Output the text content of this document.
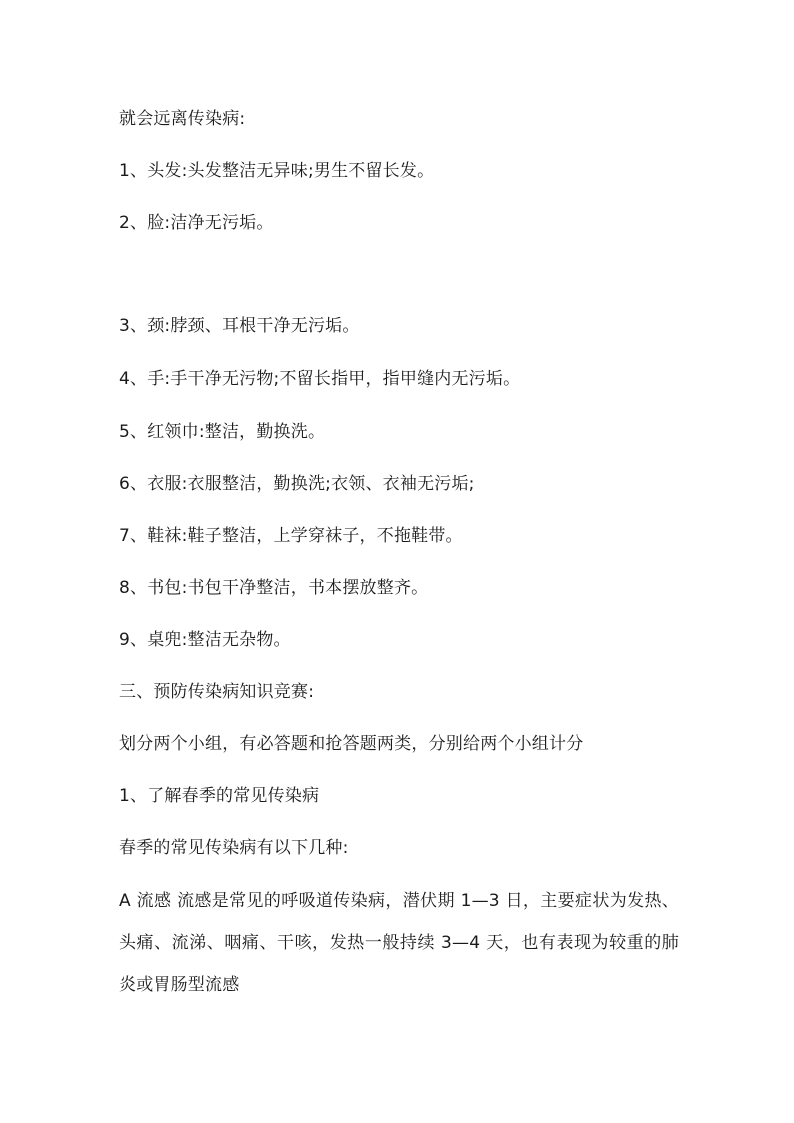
就会远离传染病:
1、头发:头发整洁无异味;男生不留长发。
2、脸:洁净无污垢。
3、颈:脖颈、耳根干净无污垢。
4、手:手干净无污物;不留长指甲，指甲缝内无污垢。
5、红领巾:整洁，勤换洗。
6、衣服:衣服整洁，勤换洗;衣领、衣袖无污垢;
7、鞋袜:鞋子整洁，上学穿袜子，不拖鞋带。
8、书包:书包干净整洁，书本摆放整齐。
9、桌兜:整洁无杂物。
三、预防传染病知识竞赛:
划分两个小组，有必答题和抢答题两类，分别给两个小组计分
1、了解春季的常见传染病
春季的常见传染病有以下几种:
A 流感 流感是常见的呼吸道传染病，潜伏期 1—3 日，主要症状为发热、头痛、流涕、咽痛、干咳，发热一般持续 3—4 天，也有表现为较重的肺炎或胃肠型流感
